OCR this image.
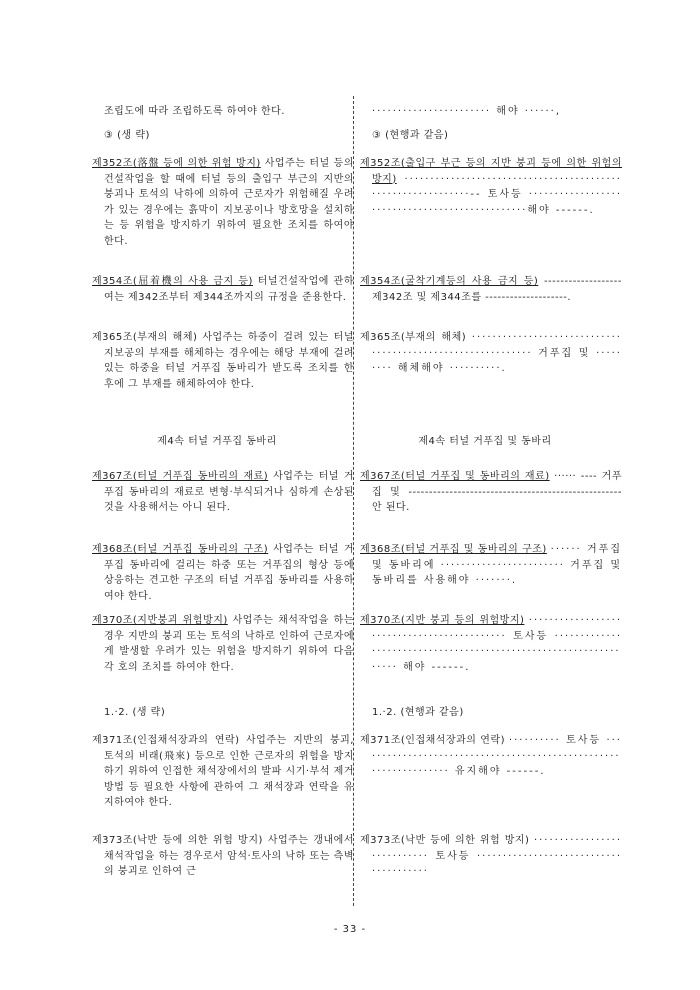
조립도에 따라 조립하도록 하여야 한다.
③ (생 략)
제352조(落盤 등에 의한 위험 방지) 사업주는 터널 등의 건설작업을 할 때에 터널 등의 출입구 부근의 지반의 붕괴나 토석의 낙하에 의하여 근로자가 위험해질 우려가 있는 경우에는 흙막이 지보공이나 방호망을 설치하는 등 위험을 방지하기 위하여 필요한 조치를 하여야 한다.
제354조(屈着機의 사용 금지 등) 터널건설작업에 관하여는 제342조부터 제344조까지의 규정을 준용한다.
제365조(부재의 해체) 사업주는 하중이 걸려 있는 터널 지보공의 부재를 해체하는 경우에는 해당 부재에 걸려있는 하중을 터널 거푸집 동바리가 받도록 조치를 한 후에 그 부재를 해체하여야 한다.
제4속 터널 거푸집 동바리
제367조(터널 거푸집 동바리의 재료) 사업주는 터널 거푸집 동바리의 재료로 변형·부식되거나 심하게 손상된 것을 사용해서는 아니 된다.
제368조(터널 거푸집 동바리의 구조) 사업주는 터널 거푸집 동바리에 걸리는 하중 또는 거푸집의 형상 등에 상응하는 견고한 구조의 터널 거푸집 동바리를 사용하여야 한다.
제370조(지반붕괴 위험방지) 사업주는 채석작업을 하는 경우 지반의 붕괴 또는 토석의 낙하로 인하여 근로자에게 발생할 우려가 있는 위험을 방지하기 위하여 다음 각 호의 조치를 하여야 한다.
1.·2. (생 략)
제371조(인접채석장과의 연락) 사업주는 지반의 붕괴, 토석의 비래(飛來) 등으로 인한 근로자의 위험을 방지하기 위하여 인접한 채석장에서의 발파 시기·부석 제거 방법 등 필요한 사항에 관하여 그 채석장과 연락을 유지하여야 한다.
제373조(낙반 등에 의한 위험 방지) 사업주는 갱내에서 채석작업을 하는 경우로서 암석·토사의 낙하 또는 측벽의 붕괴로 인하여 근
······················· 해야 ······,
③ (현행과 같음)
제352조(출입구 부근 등의 지반 붕괴 등에 의한 위험의 방지) ·····························································-- 토사등 ················································해야 ------.
제354조(굴착기계등의 사용 금지 등) ------------------- 제342조 및 제344조를 --------------------.
제365조(부재의 해체) ···························································· 거푸집 및 ········· 해체해야 ··········.
제4속 터널 거푸집 및 동바리
제367조(터널 거푸집 및 동바리의 재료) ······ ---- 거푸집 및 ---------------------------------------------------- 안 된다.
제368조(터널 거푸집 및 동바리의 구조) ······ 거푸집 및 동바리에 ························ 거푸집 및 동바리를 사용해야 ·······.
제370조(지반 붕괴 등의 위험방지) ············································ 토사등 ·································································· 해야 ------.
1.·2. (현행과 같음)
제371조(인접채석장과의 연락) ·········· 토사등 ·································································· 유지해야 ------.
제373조(낙반 등에 의한 위험 방지) ···························· 토사등 ·······································
- 33 -
